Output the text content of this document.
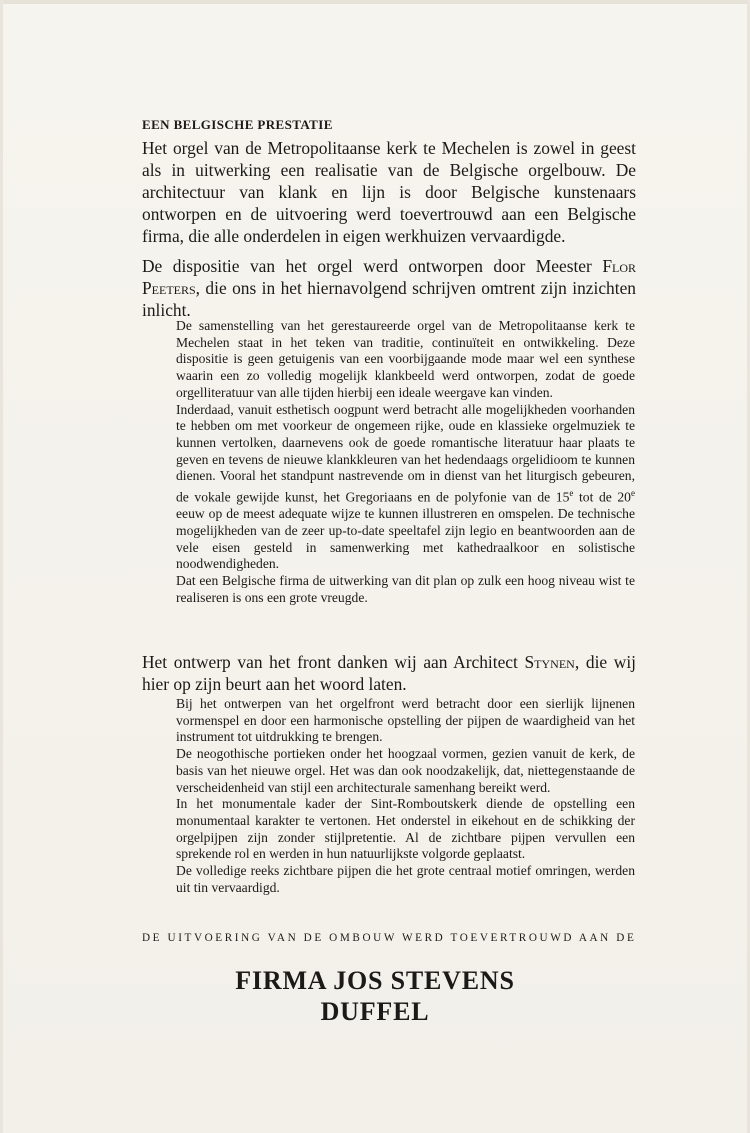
EEN BELGISCHE PRESTATIE

Het orgel van de Metropolitaanse kerk te Mechelen is zowel in geest als in uitwerking een realisatie van de Belgische orgelbouw. De architectuur van klank en lijn is door Belgische kunstenaars ontworpen en de uitvoering werd toevertrouwd aan een Belgische firma, die alle onderdelen in eigen werkhuizen vervaardigde.

De dispositie van het orgel werd ontworpen door Meester Flor Peeters, die ons in het hiernavolgend schrijven omtrent zijn inzichten inlicht.

De samenstelling van het gerestaureerde orgel van de Metropolitaanse kerk te Mechelen staat in het teken van traditie, continuïteit en ontwikkeling. Deze dispositie is geen getuigenis van een voorbijgaande mode maar wel een synthese waarin een zo volledig mogelijk klankbeeld werd ontworpen, zodat de goede orgelliteratuur van alle tijden hierbij een ideale weergave kan vinden.

Inderdaad, vanuit esthetisch oogpunt werd betracht alle mogelijkheden voorhanden te hebben om met voorkeur de ongemeen rijke, oude en klassieke orgelmuziek te kunnen vertolken, daarnevens ook de goede romantische literatuur haar plaats te geven en tevens de nieuwe klankkleuren van het hedendaags orgelidioom te kunnen dienen. Vooral het standpunt nastrevende om in dienst van het liturgisch gebeuren, de vokale gewijde kunst, het Gregoriaans en de polyfonie van de 15e tot de 20e eeuw op de meest adequate wijze te kunnen illustreren en omspelen. De technische mogelijkheden van de zeer up-to-date speeltafel zijn legio en beantwoorden aan de vele eisen gesteld in samenwerking met kathedraalkoor en solistische noodwendigheden.

Dat een Belgische firma de uitwerking van dit plan op zulk een hoog niveau wist te realiseren is ons een grote vreugde.

Het ontwerp van het front danken wij aan Architect Stynen, die wij hier op zijn beurt aan het woord laten.

Bij het ontwerpen van het orgelfront werd betracht door een sierlijk lijnenen vormenspel en door een harmonische opstelling der pijpen de waardigheid van het instrument tot uitdrukking te brengen.

De neogothische portieken onder het hoogzaal vormen, gezien vanuit de kerk, de basis van het nieuwe orgel. Het was dan ook noodzakelijk, dat, niettegenstaande de verscheidenheid van stijl een architecturale samenhang bereikt werd.

In het monumentale kader der Sint-Romboutskerk diende de opstelling een monumentaal karakter te vertonen. Het onderstel in eikehout en de schikking der orgelpijpen zijn zonder stijlpretentie. Al de zichtbare pijpen vervullen een sprekende rol en werden in hun natuurlijkste volgorde geplaatst.

De volledige reeks zichtbare pijpen die het grote centraal motief omringen, werden uit tin vervaardigd.

DE UITVOERING VAN DE OMBOUW WERD TOEVERTROUWD AAN DE

FIRMA JOS STEVENS

DUFFEL
